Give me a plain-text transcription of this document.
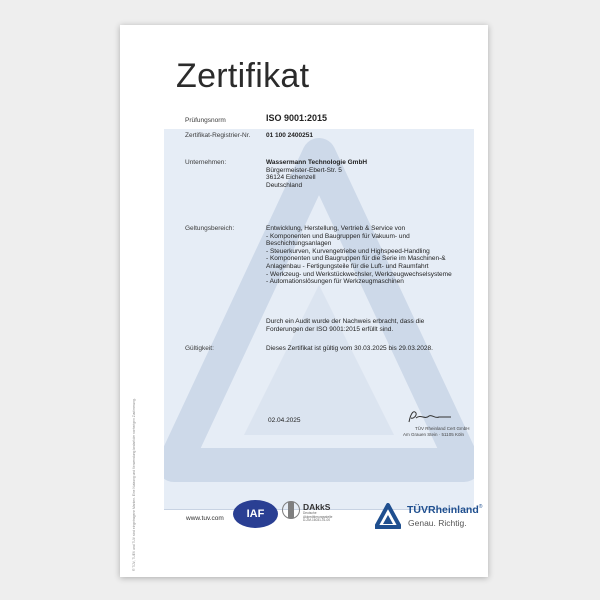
Zertifikat
Prüfungsnorm	ISO 9001:2015
Zertifikat-Registrier-Nr. 01 100 2400251
Unternehmen:	Wassermann Technologie GmbH
Bürgermeister-Ebert-Str. 5
36124 Eichenzell
Deutschland
Geltungsbereich:	Entwicklung, Herstellung, Vertrieb & Service von
- Komponenten und Baugruppen für Vakuum- und
Beschichtungsanlagen
- Steuerkurven, Kurvengetriebe und Highspeed-Handling
- Komponenten und Baugruppen für die Serie im Maschinen-&
Anlagenbau - Fertigungsteile für die Luft- und Raumfahrt
- Werkzeug- und Werkstückwechsler, Werkzeugwechselsysteme
- Automationslösungen für Werkzeugmaschinen
Durch ein Audit wurde der Nachweis erbracht, dass die
Forderungen der ISO 9001:2015 erfüllt sind.
Gültigkeit:	Dieses Zertifikat ist gültig vom 30.03.2025 bis 29.03.2028.
02.04.2025
TÜV Rheinland Cert GmbH
Am Grauen Stein · 51105 Köln
www.tuv.com	IAF
DAkkS
Deutsche
Akkreditierungsstelle
D-ZM-16031-01-00
TÜVRheinland®
Genau. Richtig.
® TÜV, TUEV und TUV sind eingetragene Marken. Eine Nutzung und Verwendung bedarf der vorherigen Zustimmung.
